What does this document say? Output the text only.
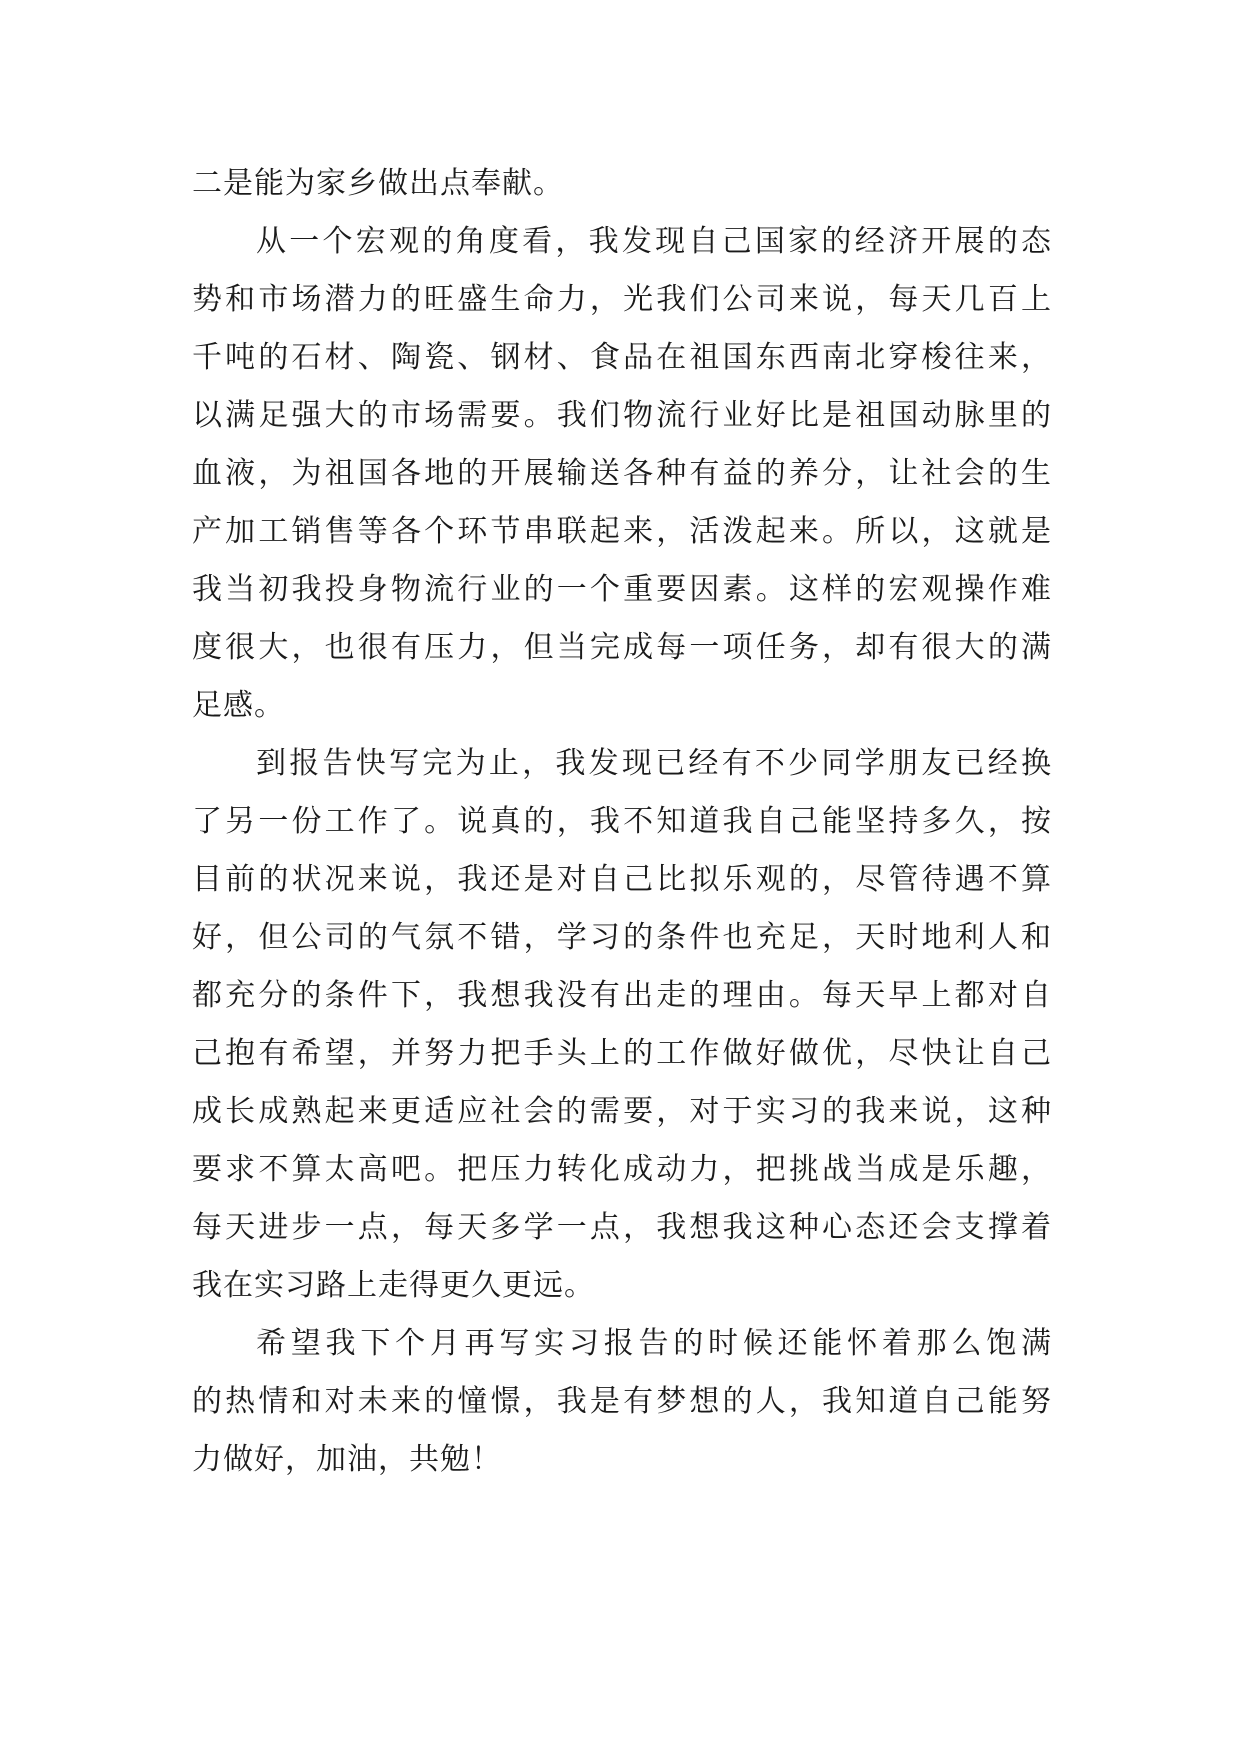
二是能为家乡做出点奉献。
从一个宏观的角度看，我发现自己国家的经济开展的态
势和市场潜力的旺盛生命力，光我们公司来说，每天几百上
千吨的石材、陶瓷、钢材、食品在祖国东西南北穿梭往来，
以满足强大的市场需要。我们物流行业好比是祖国动脉里的
血液，为祖国各地的开展输送各种有益的养分，让社会的生
产加工销售等各个环节串联起来，活泼起来。所以，这就是
我当初我投身物流行业的一个重要因素。这样的宏观操作难
度很大，也很有压力，但当完成每一项任务，却有很大的满
足感。
到报告快写完为止，我发现已经有不少同学朋友已经换
了另一份工作了。说真的，我不知道我自己能坚持多久，按
目前的状况来说，我还是对自己比拟乐观的，尽管待遇不算
好，但公司的气氛不错，学习的条件也充足，天时地利人和
都充分的条件下，我想我没有出走的理由。每天早上都对自
己抱有希望，并努力把手头上的工作做好做优，尽快让自己
成长成熟起来更适应社会的需要，对于实习的我来说，这种
要求不算太高吧。把压力转化成动力，把挑战当成是乐趣，
每天进步一点，每天多学一点，我想我这种心态还会支撑着
我在实习路上走得更久更远。
希望我下个月再写实习报告的时候还能怀着那么饱满
的热情和对未来的憧憬，我是有梦想的人，我知道自己能努
力做好，加油，共勉！
